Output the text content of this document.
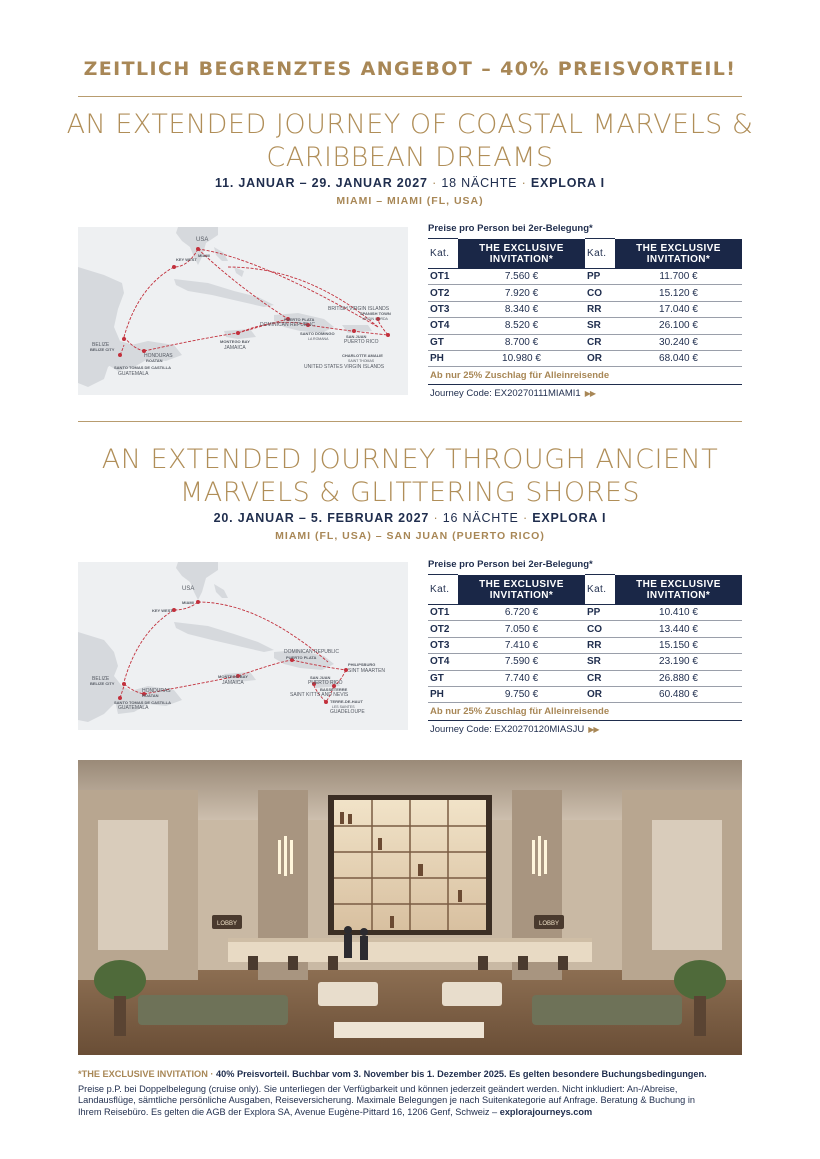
ZEITLICH BEGRENZTES ANGEBOT – 40% PREISVORTEIL!
AN EXTENDED JOURNEY OF COASTAL MARVELS &
CARIBBEAN DREAMS
11. JANUAR – 29. JANUAR 2027 · 18 NÄCHTE · EXPLORA I
MIAMI – MIAMI (FL, USA)
USA
MIAMI
KEY WEST
BRITISH VIRGIN ISLANDS
SPANISH TOWN
VIRGIN GORDA
PUERTO PLATA
DOMINICAN REPUBLIC
SANTO DOMINGO
LA ROMANA	SAN JUAN
PUERTO RICO
MONTEGO BAY
JAMAICA
CHARLOTTE AMALIE
SAINT THOMAS
UNITED STATES VIRGIN ISLANDS
BELIZE
BELIZE CITY
HONDURAS
ROATAN
SANTO TOMAS DE CASTILLA
GUATEMALA
Preise pro Person bei 2er-Belegung*
Kat.	THE EXCLUSIVE INVITATION*	Kat.	THE EXCLUSIVE INVITATION*
OT1	7.560 €	PP	11.700 €
OT2	7.920 €	CO	15.120 €
OT3	8.340 €	RR	17.040 €
OT4	8.520 €	SR	26.100 €
GT	8.700 €	CR	30.240 €
PH	10.980 €	OR	68.040 €
Ab nur 25% Zuschlag für Alleinreisende
Journey Code: EX20270111MIAMI1 ▶▶
AN EXTENDED JOURNEY THROUGH ANCIENT
MARVELS & GLITTERING SHORES
20. JANUAR – 5. FEBRUAR 2027 · 16 NÄCHTE · EXPLORA I
MIAMI (FL, USA) – SAN JUAN (PUERTO RICO)
USA
MIAMI
KEY WEST
DOMINICAN REPUBLIC
PUERTO PLATA
PHILIPSBURG
SINT MAARTEN
SAN JUAN
PUERTO RICO
BASSETERRE
SAINT KITTS AND NEVIS
TERRE-DE-HAUT
LES SAINTES
GUADELOUPE
MONTEGO BAY
JAMAICA
BELIZE
BELIZE CITY
HONDURAS
ROATAN
SANTO TOMAS DE CASTILLA
GUATEMALA
Preise pro Person bei 2er-Belegung*
Kat.	THE EXCLUSIVE INVITATION*	Kat.	THE EXCLUSIVE INVITATION*
OT1	6.720 €	PP	10.410 €
OT2	7.050 €	CO	13.440 €
OT3	7.410 €	RR	15.150 €
OT4	7.590 €	SR	23.190 €
GT	7.740 €	CR	26.880 €
PH	9.750 €	OR	60.480 €
Ab nur 25% Zuschlag für Alleinreisende
Journey Code: EX20270120MIASJU ▶▶
LOBBY	LOBBY
*THE EXCLUSIVE INVITATION · 40% Preisvorteil. Buchbar vom 3. November bis 1. Dezember 2025. Es gelten besondere Buchungsbedingungen.
Preise p.P. bei Doppelbelegung (cruise only). Sie unterliegen der Verfügbarkeit und können jederzeit geändert werden. Nicht inkludiert: An-/Abreise,
Landausflüge, sämtliche persönliche Ausgaben, Reiseversicherung. Maximale Belegungen je nach Suitenkategorie auf Anfrage. Beratung & Buchung in
Ihrem Reisebüro. Es gelten die AGB der Explora SA, Avenue Eugène-Pittard 16, 1206 Genf, Schweiz – explorajourneys.com
